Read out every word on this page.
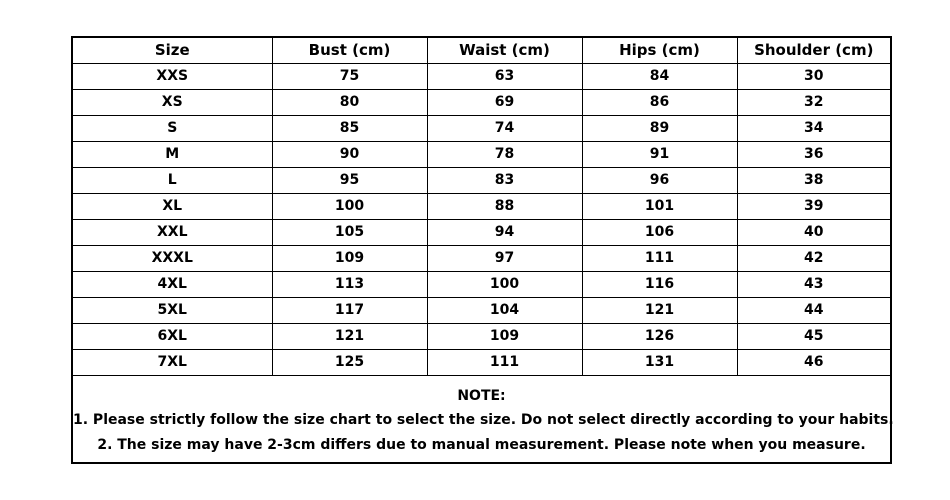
Size	Bust (cm)	Waist (cm)	Hips (cm)	Shoulder (cm)
XXS	75	63	84	30
XS	80	69	86	32
S	85	74	89	34
M	90	78	91	36
L	95	83	96	38
XL	100	88	101	39
XXL	105	94	106	40
XXXL	109	97	111	42
4XL	113	100	116	43
5XL	117	104	121	44
6XL	121	109	126	45
7XL	125	111	131	46
NOTE:
1. Please strictly follow the size chart to select the size. Do not select directly according to your habits.
2. The size may have 2-3cm differs due to manual measurement. Please note when you measure.
